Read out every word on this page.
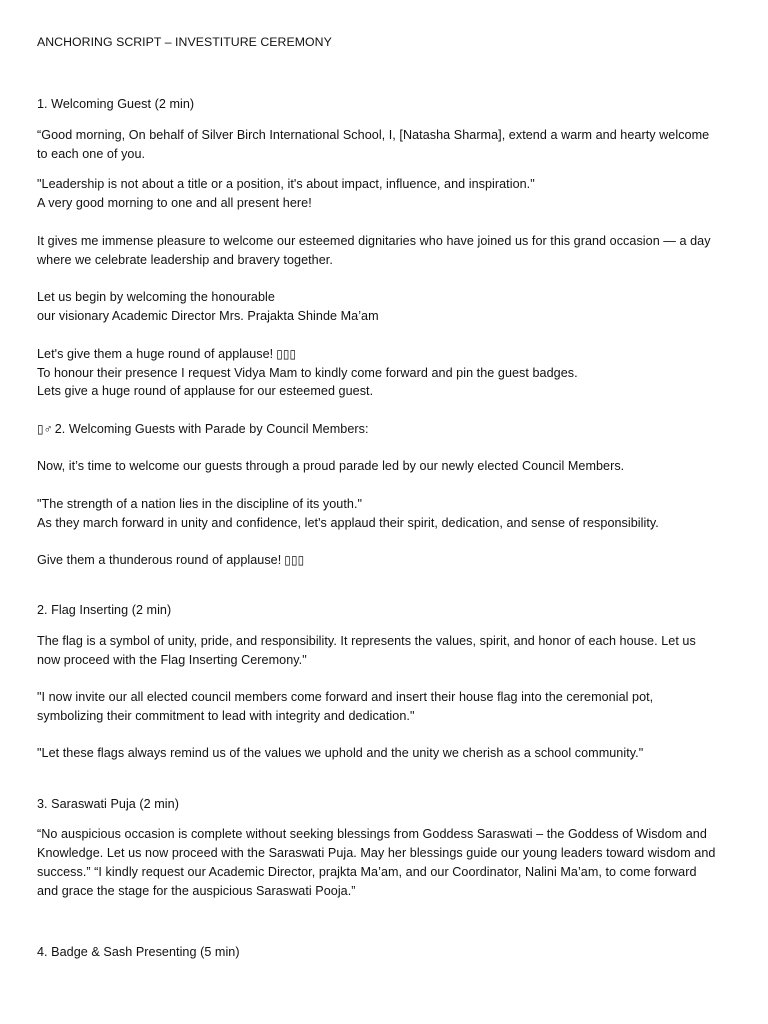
ANCHORING SCRIPT – INVESTITURE CEREMONY
1. Welcoming Guest (2 min)
“Good morning, On behalf of Silver Birch International School, I, [Natasha Sharma], extend a warm and hearty welcome
to each one of you.
"Leadership is not about a title or a position, it's about impact, influence, and inspiration."
A very good morning to one and all present here!
It gives me immense pleasure to welcome our esteemed dignitaries who have joined us for this grand occasion — a day
where we celebrate leadership and bravery together.
Let us begin by welcoming the honourable
our visionary Academic Director Mrs. Prajakta Shinde Ma’am
Let's give them a huge round of applause! ▯▯▯
To honour their presence I request Vidya Mam to kindly come forward and pin the guest badges.
Lets give a huge round of applause for our esteemed guest.
▯♂ 2. Welcoming Guests with Parade by Council Members:
Now, it’s time to welcome our guests through a proud parade led by our newly elected Council Members.
"The strength of a nation lies in the discipline of its youth."
As they march forward in unity and confidence, let's applaud their spirit, dedication, and sense of responsibility.
Give them a thunderous round of applause! ▯▯▯
2. Flag Inserting (2 min)
The flag is a symbol of unity, pride, and responsibility. It represents the values, spirit, and honor of each house. Let us
now proceed with the Flag Inserting Ceremony."
"I now invite our all elected council members come forward and insert their house flag into the ceremonial pot,
symbolizing their commitment to lead with integrity and dedication."
"Let these flags always remind us of the values we uphold and the unity we cherish as a school community."
3. Saraswati Puja (2 min)
“No auspicious occasion is complete without seeking blessings from Goddess Saraswati – the Goddess of Wisdom and
Knowledge. Let us now proceed with the Saraswati Puja. May her blessings guide our young leaders toward wisdom and
success.” “I kindly request our Academic Director, prajkta Ma’am, and our Coordinator, Nalini Ma’am, to come forward
and grace the stage for the auspicious Saraswati Pooja.”
4. Badge & Sash Presenting (5 min)
